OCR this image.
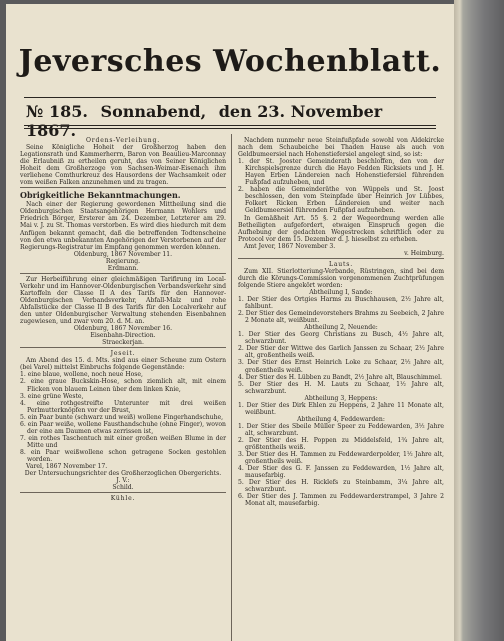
Jeversches Wochenblatt.
№ 185. Sonnabend, den 23. November 1867.
Ordens-Verleihung.
Seine Königliche Hoheit der Großherzog haben den Legationsrath und Kammerherrn, Baron von Beaulieu-Marconnay die Erlaubniß zu ertheilen geruht, das von Seiner Königlichen Hoheit dem Großherzoge von Sachsen-Weimar-Eisenach ihm verliehene Comthurkreuz des Hausordens der Wachsamkeit oder vom weißen Falken anzunehmen und zu tragen.
Obrigkeitliche Bekanntmachungen.
Nach einer der Regierung gewordenen Mittheilung sind die Oldenburgischen Staatsangehörigen Hermann Wohlers und Friedrich Börger, Ersterer am 24. Dezember, Letzterer am 29. Mai v. J. zu St. Thomas verstorben. Es wird dies hiedurch mit dem Anfügen bekannt gemacht, daß die betreffenden Todtenscheine von den etwa unbekannten Angehörigen der Verstorbenen auf der Regierungs-Registratur im Empfang genommen werden können.
Oldenburg, 1867 November 11.
Regierung.
Erdmann.
Zur Herbeiführung einer gleichmäßigen Tarifirung im Local-Verkehr und im Hannover-Oldenburgischen Verbandsverkehr sind Kartoffeln der Classe II A des Tarifs für den Hannover-Oldenburgischen Verbandsverkehr, Abfall-Malz und rohe Abfallstücke der Classe II B des Tarifs für den Localverkehr auf den unter Oldenburgischer Verwaltung stehenden Eisenbahnen zugewiesen, und zwar vom 20. d. M. an.
Oldenburg, 1867 November 16.
Eisenbahn-Direction.
Straeckerjan.
Jeseit.
Am Abend des 15. d. Mts. sind aus einer Scheune zum Ostern (bei Varel) mittelst Einbruchs folgende Gegenstände:
1. eine blaue, wollene, noch neue Hose,
2. eine graue Buckskin-Hose, schon ziemlich alt, mit einem Flicken von blauem Leinen über dem linken Knie,
3. eine grüne Weste,
4. eine rothgestreifte Unterunter mit drei weißen Perlmutterknöpfen vor der Brust,
5. ein Paar bunte (schwarz und weiß) wollene Fingerhandschuhe,
6. ein Paar weiße, wollene Fausthandschuhe (ohne Finger), wovon der eine am Daumen etwas zerrissen ist,
7. ein rothes Taschentuch mit einer großen weißen Blume in der Mitte und
8. ein Paar weißwollene schon getragene Socken gestohlen worden.
Varel, 1867 November 17.
Der Untersuchungsrichter des Großherzoglichen Obergerichts.
J. V.:
Schild.
Kühle.
Nachdem nunmehr neue Steinfußpfade sowohl von Aldekircke nach dem Schaubeiche bei Thaden Hause als auch von Geldbumeersiel nach Hohenstiefersiel angelegt sind, so ist:
1. der St. Jooster Gemeinderath beschloffen, den von der Kirchspielsgrenze durch die Hayo Fedden Ricksiets und J. H. Hayen Erben Ländereien nach Hohenstiefersiel führenden Fußpfad aufzuheben, und
2. haben die Gemeinderäthe von Wüppels und St. Joost beschlossen, den vom Steinpfade über Heinrich Jov Lübbes, Folkert Ricken Erben Ländereien und weiter nach Geldbumeersiel führenden Fußpfad aufzuheben.
In Gemäßheit Art. 55 §. 2 der Wegeordnung werden alle Betheiligten aufgefordert, etwaigen Einspruch gegen die Aufhebung der gedachten Wegestrecken schriftlich oder zu Protocol vor dem 15. Dezember d. J. hieselbst zu erheben.
Amt Jever, 1867 November 3.
v. Heimburg.
Lauts.
Zum XII. Stierlotteriung-Verbande, Rüstringen, sind bei dem durch die Körungs-Commission vorgenommenen Zuchtprüfungen folgende Stiere angekört worden:
Abtheilung I, Sande:
1. Der Stier des Ortgies Harms zu Buschhausen, 2½ Jahre alt, fahlbunt.
2. Der Stier des Gemeindevorstehers Brahms zu Seebeich, 2 Jahre 2 Monate alt, weißbunt.
Abtheilung 2, Neuende:
1. Der Stier des Georg Christians zu Busch, 4½ Jahre alt, schwarzbunt.
2. Der Stier der Wittwe des Garlich Janssen zu Schaar, 2½ Jahre alt, großentheils weiß.
3. Der Stier des Ernst Heinrich Loke zu Schaar, 2½ Jahre alt, großentheils weiß.
4. Der Stier des H. Lübben zu Bandt, 2½ Jahre alt, Blauschimmel.
5. Der Stier des H. M. Lauts zu Schaar, 1½ Jahre alt, schwarzbunt.
Abtheilung 3, Heppens:
1. Der Stier des Dirk Ehlen zu Heppens, 2 Jahre 11 Monate alt, weißbunt.
Abtheilung 4, Feddewarden:
1. Der Stier des Sbeile Müller Speer zu Feddewarden, 3½ Jahre alt, schwarzbunt.
2. Der Stier des H. Poppen zu Middelsfeld, 1¾ Jahre alt, größtentheils weiß.
3. Der Stier des H. Tammen zu Feddewarderpolder, 1½ Jahre alt, großentheils weiß.
4. Der Stier des G. F. Janssen zu Feddewarden, 1½ Jahre alt, mausefarbig.
5. Der Stier des H. Ricklefs zu Steinbamm, 3¼ Jahre alt, schwarzbunt.
6. Der Stier des J. Tammen zu Feddewarderstrampel, 3 Jahre 2 Monat alt, mausefarbig.
